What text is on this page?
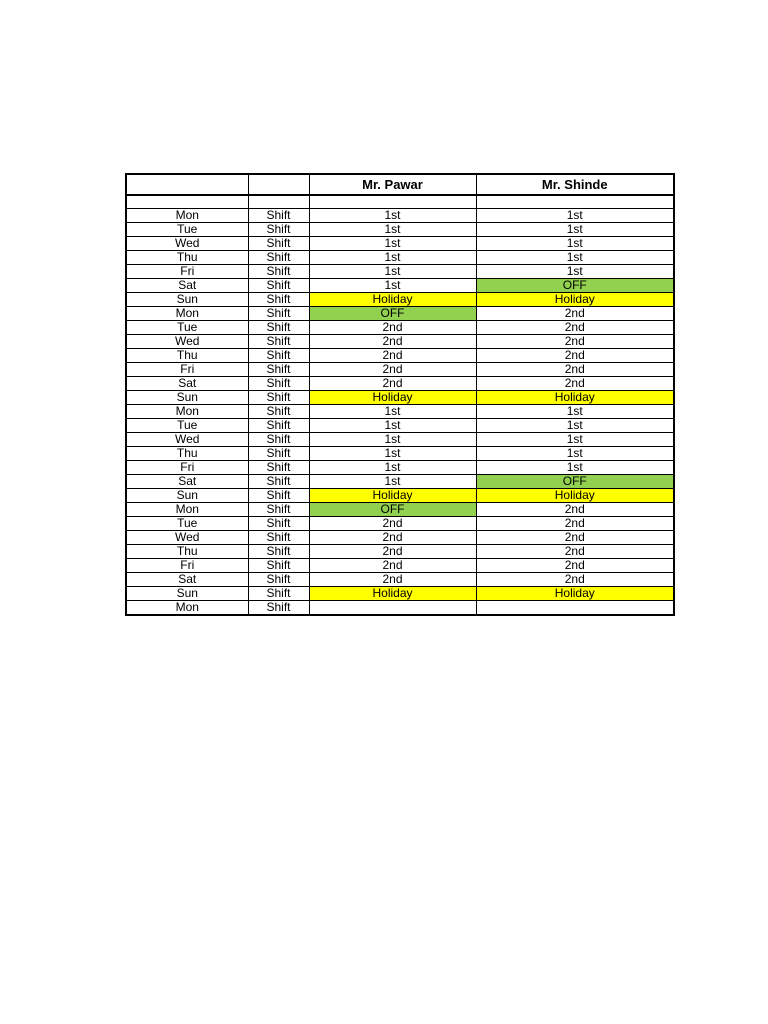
		Mr. Pawar	Mr. Shinde

Mon	Shift	1st	1st
Tue	Shift	1st	1st
Wed	Shift	1st	1st
Thu	Shift	1st	1st
Fri	Shift	1st	1st
Sat	Shift	1st	OFF
Sun	Shift	Holiday	Holiday
Mon	Shift	OFF	2nd
Tue	Shift	2nd	2nd
Wed	Shift	2nd	2nd
Thu	Shift	2nd	2nd
Fri	Shift	2nd	2nd
Sat	Shift	2nd	2nd
Sun	Shift	Holiday	Holiday
Mon	Shift	1st	1st
Tue	Shift	1st	1st
Wed	Shift	1st	1st
Thu	Shift	1st	1st
Fri	Shift	1st	1st
Sat	Shift	1st	OFF
Sun	Shift	Holiday	Holiday
Mon	Shift	OFF	2nd
Tue	Shift	2nd	2nd
Wed	Shift	2nd	2nd
Thu	Shift	2nd	2nd
Fri	Shift	2nd	2nd
Sat	Shift	2nd	2nd
Sun	Shift	Holiday	Holiday
Mon	Shift		
